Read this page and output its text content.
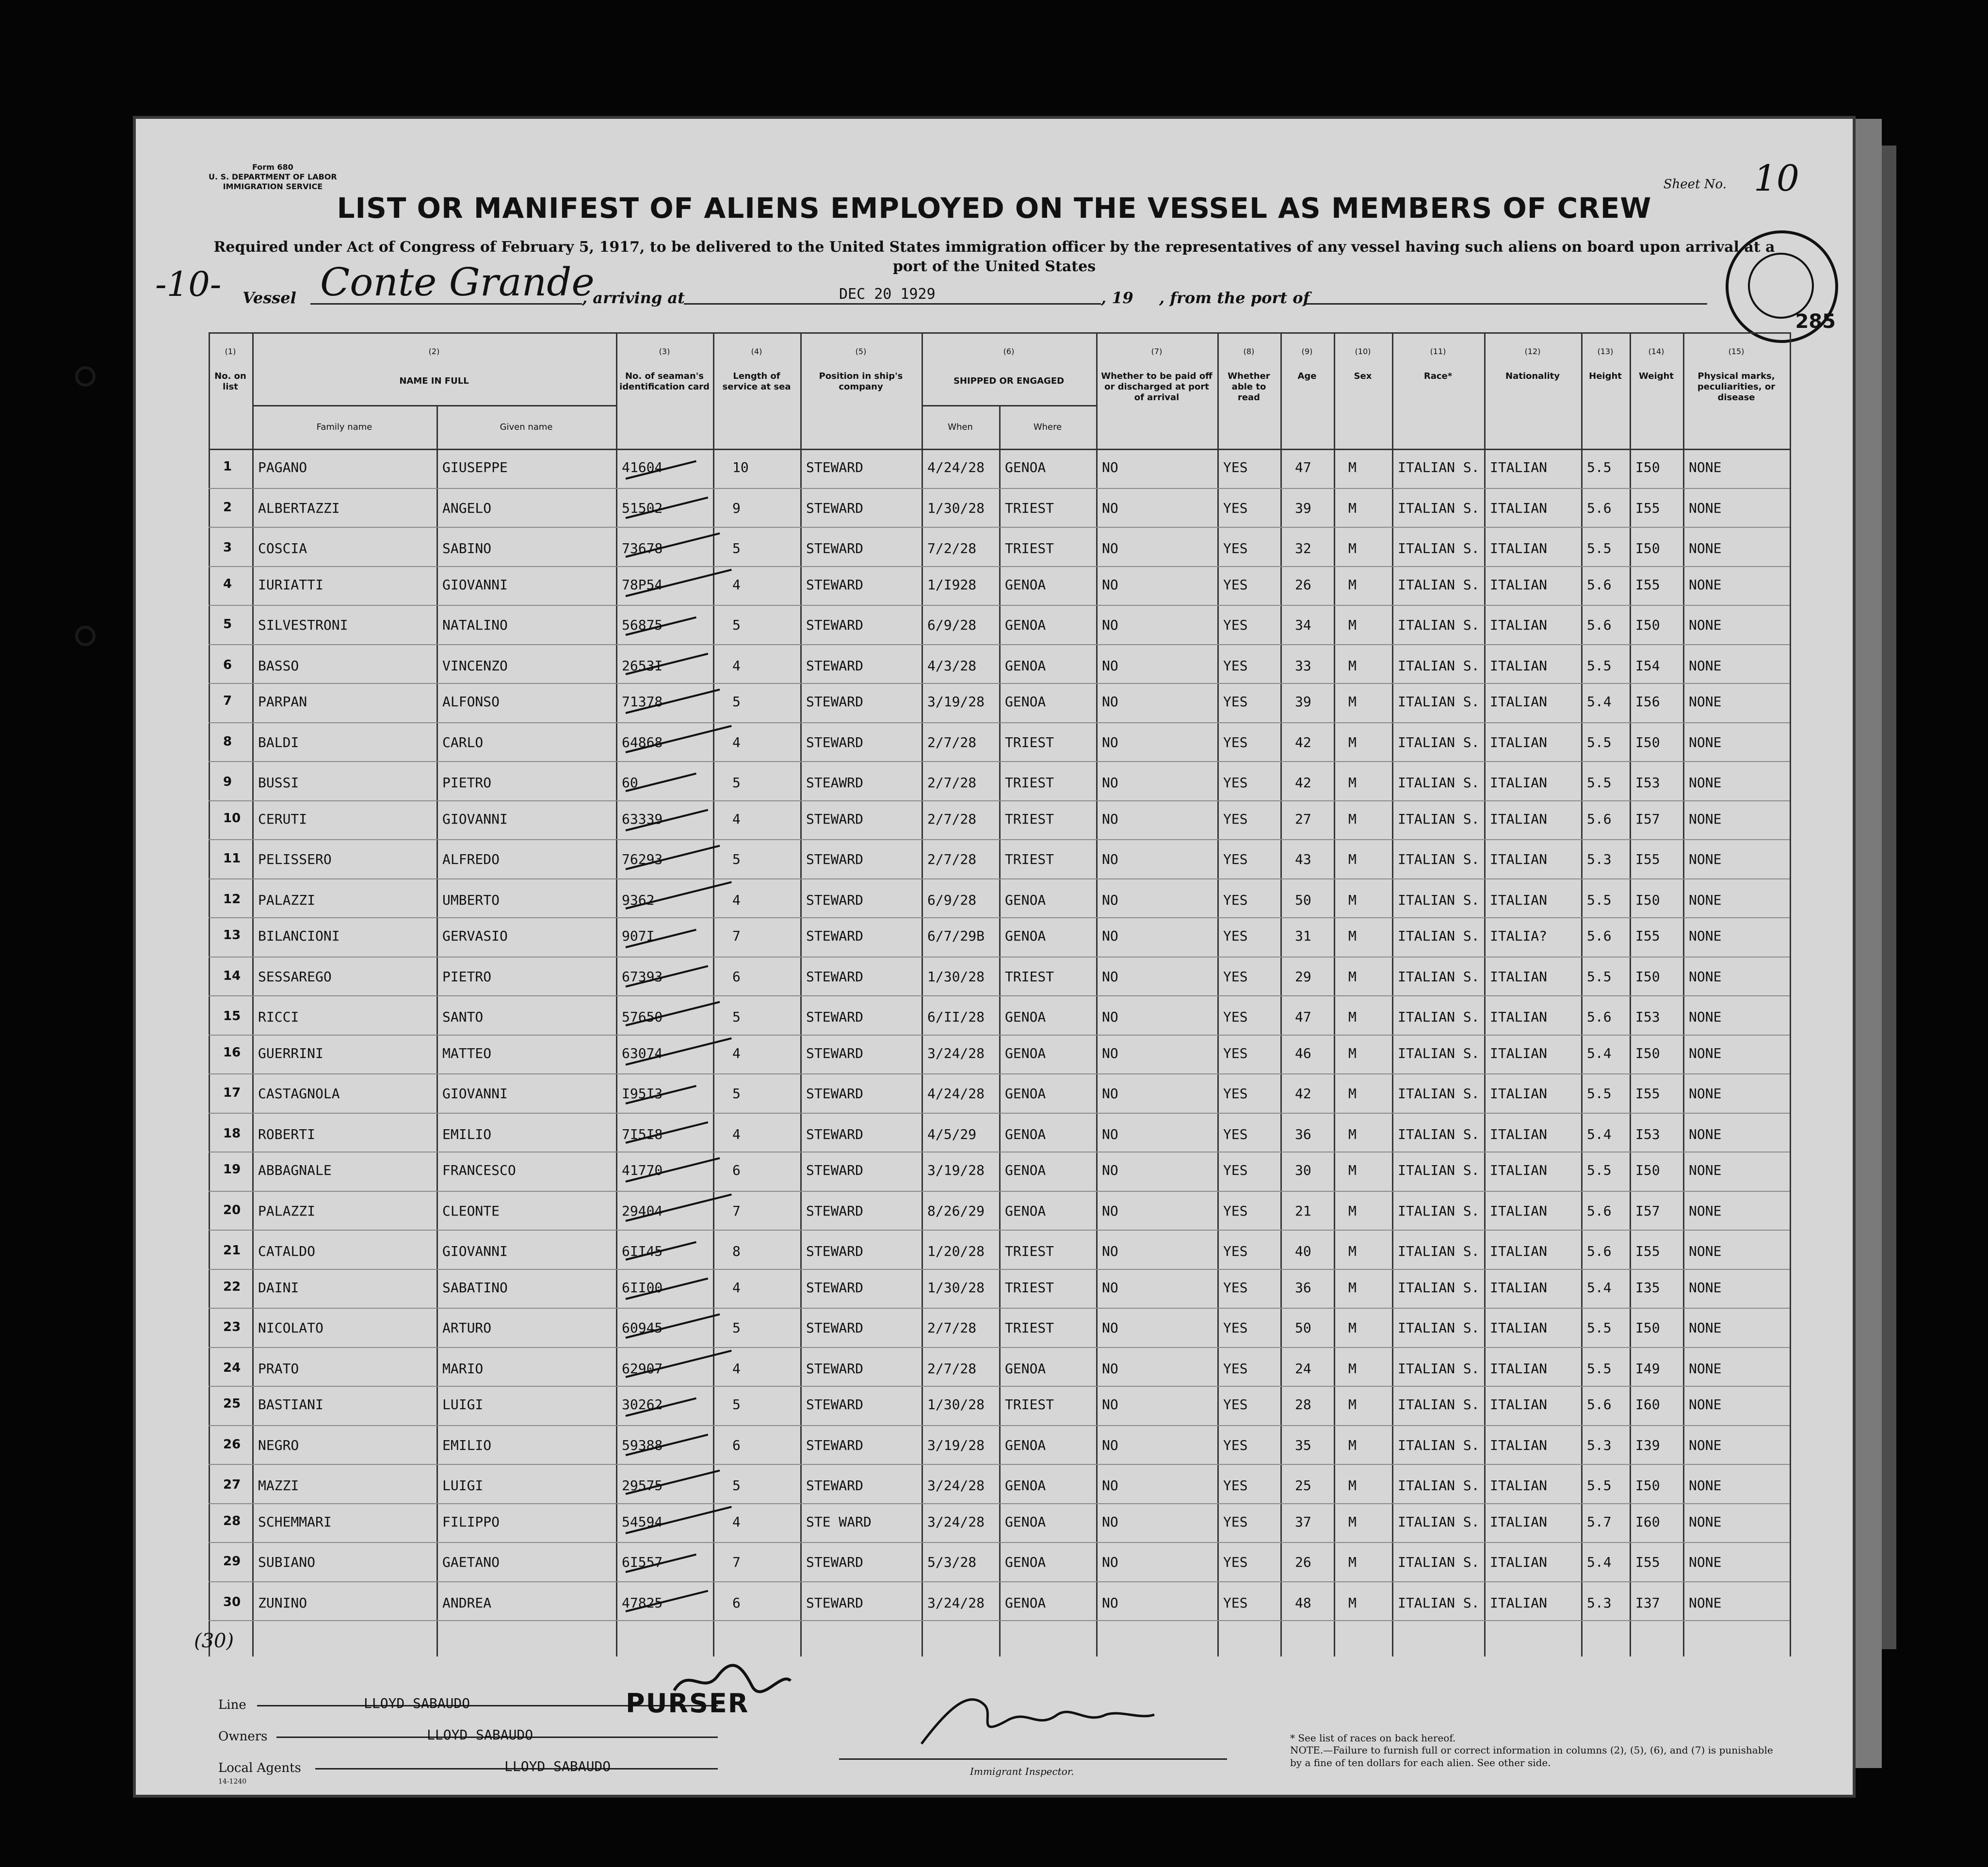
Form 680
U. S. DEPARTMENT OF LABOR
IMMIGRATION SERVICE	Sheet No. 10
LIST OR MANIFEST OF ALIENS EMPLOYED ON THE VESSEL AS MEMBERS OF CREW
Required under Act of Congress of February 5, 1917, to be delivered to the United States immigration officer by the representatives of any vessel having such aliens on board upon arrival at a port of the United States
285
-10- Vessel Conte Grande
, arriving at	DEC 20 1929	, 19 , from the port of
(1)
No. on list
(2)
NAME IN FULL
(3)
No. of seaman's identification card
(4)
Length of service at sea
(5)
Position in ship's company
(6)
SHIPPED OR ENGAGED
(7)
Whether to be paid off or discharged at port of arrival
(8)
Whether able to read
(9)
Age
(10)
Sex
(11)
Race*
(12)
Nationality
(13)
Height
(14)
Weight
(15)
Physical marks, peculiarities, or disease
Family name	Given name	When	Where
1 PAGANO	GIUSEPPE	41604	10	STEWARD	4/24/28 GENOA	NO	YES	47	M	ITALIAN S. ITALIAN	5.5 I50 NONE
2 ALBERTAZZI	ANGELO	51502	9	STEWARD	1/30/28 TRIEST	NO	YES	39	M	ITALIAN S. ITALIAN	5.6 I55 NONE
3 COSCIA	SABINO	73678	5	STEWARD	7/2/28 TRIEST	NO	YES	32	M	ITALIAN S. ITALIAN	5.5 I50 NONE
4 IURIATTI	GIOVANNI	78P54	4	STEWARD	1/I928 GENOA	NO	YES	26	M	ITALIAN S. ITALIAN	5.6 I55 NONE
5 SILVESTRONI	NATALINO	56875	5	STEWARD	6/9/28 GENOA	NO	YES	34	M	ITALIAN S. ITALIAN	5.6 I50 NONE
6 BASSO	VINCENZO	2653I	4	STEWARD	4/3/28 GENOA	NO	YES	33	M	ITALIAN S. ITALIAN	5.5 I54 NONE
7 PARPAN	ALFONSO	71378	5	STEWARD	3/19/28 GENOA	NO	YES	39	M	ITALIAN S. ITALIAN	5.4 I56 NONE
8 BALDI	CARLO	64868	4	STEWARD	2/7/28 TRIEST	NO	YES	42	M	ITALIAN S. ITALIAN	5.5 I50 NONE
9 BUSSI	PIETRO	60	5	STEAWRD	2/7/28 TRIEST	NO	YES	42	M	ITALIAN S. ITALIAN	5.5 I53 NONE
10 CERUTI	GIOVANNI	63339	4	STEWARD	2/7/28 TRIEST	NO	YES	27	M	ITALIAN S. ITALIAN	5.6 I57 NONE
11 PELISSERO	ALFREDO	76293	5	STEWARD	2/7/28 TRIEST	NO	YES	43	M	ITALIAN S. ITALIAN	5.3 I55 NONE
12 PALAZZI	UMBERTO	9362	4	STEWARD	6/9/28 GENOA	NO	YES	50	M	ITALIAN S. ITALIAN	5.5 I50 NONE
13 BILANCIONI	GERVASIO	907I	7	STEWARD	6/7/29B GENOA	NO	YES	31	M	ITALIAN S. ITALIA?	5.6 I55 NONE
14 SESSAREGO	PIETRO	67393	6	STEWARD	1/30/28 TRIEST	NO	YES	29	M	ITALIAN S. ITALIAN	5.5 I50 NONE
15 RICCI	SANTO	57650	5	STEWARD	6/II/28 GENOA	NO	YES	47	M	ITALIAN S. ITALIAN	5.6 I53 NONE
16 GUERRINI	MATTEO	63074	4	STEWARD	3/24/28 GENOA	NO	YES	46	M	ITALIAN S. ITALIAN	5.4 I50 NONE
17 CASTAGNOLA	GIOVANNI	I95I3	5	STEWARD	4/24/28 GENOA	NO	YES	42	M	ITALIAN S. ITALIAN	5.5 I55 NONE
18 ROBERTI	EMILIO	7I5I8	4	STEWARD	4/5/29 GENOA	NO	YES	36	M	ITALIAN S. ITALIAN	5.4 I53 NONE
19 ABBAGNALE	FRANCESCO	41770	6	STEWARD	3/19/28 GENOA	NO	YES	30	M	ITALIAN S. ITALIAN	5.5 I50 NONE
20 PALAZZI	CLEONTE	29404	7	STEWARD	8/26/29 GENOA	NO	YES	21	M	ITALIAN S. ITALIAN	5.6 I57 NONE
21 CATALDO	GIOVANNI	6II45	8	STEWARD	1/20/28 TRIEST	NO	YES	40	M	ITALIAN S. ITALIAN	5.6 I55 NONE
22 DAINI	SABATINO	6II00	4	STEWARD	1/30/28 TRIEST	NO	YES	36	M	ITALIAN S. ITALIAN	5.4 I35 NONE
23 NICOLATO	ARTURO	60945	5	STEWARD	2/7/28 TRIEST	NO	YES	50	M	ITALIAN S. ITALIAN	5.5 I50 NONE
24 PRATO	MARIO	62907	4	STEWARD	2/7/28 GENOA	NO	YES	24	M	ITALIAN S. ITALIAN	5.5 I49 NONE
25 BASTIANI	LUIGI	30262	5	STEWARD	1/30/28 TRIEST	NO	YES	28	M	ITALIAN S. ITALIAN	5.6 I60 NONE
26 NEGRO	EMILIO	59388	6	STEWARD	3/19/28 GENOA	NO	YES	35	M	ITALIAN S. ITALIAN	5.3 I39 NONE
27 MAZZI	LUIGI	29575	5	STEWARD	3/24/28 GENOA	NO	YES	25	M	ITALIAN S. ITALIAN	5.5 I50 NONE
28 SCHEMMARI	FILIPPO	54594	4	STE WARD	3/24/28 GENOA	NO	YES	37	M	ITALIAN S. ITALIAN	5.7 I60 NONE
29 SUBIANO	GAETANO	6I557	7	STEWARD	5/3/28 GENOA	NO	YES	26	M	ITALIAN S. ITALIAN	5.4 I55 NONE
30 ZUNINO	ANDREA	47825	6	STEWARD	3/24/28 GENOA	NO	YES	48	M	ITALIAN S. ITALIAN	5.3 I37 NONE
(30)
Line	LLOYD SABAUDO
Owners	LLOYD SABAUDO
Local Agents	LLOYD SABAUDO
14-1240
PURSER
Immigrant Inspector.
* See list of races on back hereof.
NOTE.—Failure to furnish full or correct information in columns (2), (5), (6), and (7) is punishable by a fine of ten dollars for each alien. See other side.
